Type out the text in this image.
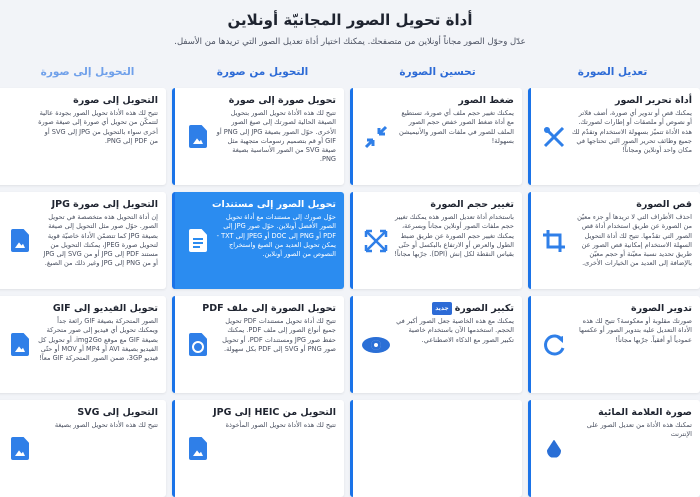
أداة تحويل الصور المجانيّة أونلاين
عدّل وحوّل الصور مجاناً أونلاين من متصفحك. يمكنك اختيار أداة تعديل الصور التي تريدها من الأسفل.
تعديل الصورة
تحسين الصورة
التحويل من صورة
التحويل إلى صورة
أداة تحرير الصور
يمكنك قص أو تدوير أي صورة، أضف فلاتر أو نصوص أو ملصقات أو إطارات لصورتك. هذه الأداة تتميّز بسهولة الاستخدام وتقدّم لك جميع وظائف تحرير الصور التي تحتاجها في مكان واحد أونلاين ومجاناً!
قص الصورة
احذف الأطراف التي لا تريدها أو جزء معيّن من الصورة عن طريق استخدام أداة قص الصور التي تقدّمها. تتيح لك أداة التحويل السهلة الاستخدام إمكانية قص الصور عن طريق تحديد نسبة معيّنة أو حجم معيّن بالإضافة إلى العديد من الخيارات الأخرى.
تدوير الصورة
صورتك مقلوبة أو معكوسة؟ تتيح لك هذه الأداة التعديل عليه بتدوير الصور أو عكسها عمودياً أو أفقياً. جرّبها مجاناً!
صورة العلامة المائية
تمكنك هذه الأداة من تعديل الصور على الإنترنت
ضغط الصور
يمكنك تغيير حجم ملف أي صورة، تستطيع مع أداة ضغط الصور خفض حجم الصور الملف للصور في ملفات الصور والأنيميشن بسهولة!
تغيير حجم الصورة
باستخدام أداة تعديل الصور هذه يمكنك تغيير حجم ملفات الصور أونلاين مجاناً وبسرعة، يمكنك تغيير حجم الصورة عن طريق ضبط الطول والعرض أو الارتفاع بالبكسل أو حتّى بقياس النقطة لكل إنش (DPI). جرّبها مجاناً!
تكبير الصورةجديد
يمكنك مع هذه الخاصية جعل الصور أكبر في الحجم. استخدمها الآن باستخدام خاصية تكبير الصور مع الذكاء الاصطناعي.
تحويل صورة إلى صورة
تتيح لك هذه الأداة تحويل الصور بتحويل الصيغة الحالية لصورتك إلى صيغ الصور الأخرى. حوّل الصور بصيغة JPG إلى PNG أو GIF أو قم بتصميم رسومات متجهية مثل صيغة SVG من الصور الأساسية بصيغة PNG.
تحويل الصور إلى مستندات
حوّل صورك إلى مستندات مع أداة تحويل الصور الأفضل أونلاين. حوّل صور JPG إلى PDF أو PNG إلى DOC أو JPEG إلى TXT - يمكن تحويل العديد من الصيغ واستخراج النصوص من الصور أونلاين.
تحويل الصورة إلى ملف PDF
تتيح لك أداة تحويل مستندات PDF تحويل جميع أنواع الصور إلى ملف PDF. يمكنك حفظ صور JPG ومستندات PDF، أو تحويل صور PNG أو SVG إلى PDF بكل سهولة.
التحويل من HEIC إلى JPG
تتيح لك هذه الأداة تحويل الصور المأخوذة
التحويل إلى صورة
تتيح لك هذه الأداة تحويل الصور بجودة عالية لتتمكّن من تحويل أي صورة إلى صيغة صورة أخرى سواء بالتحويل من JPG إلى SVG أو من PDF إلى PNG.
التحويل إلى صورة JPG
إن أداة التحويل هذه متخصصة في تحويل الصور. حوّل صور مثل التحويل إلى صيغة بصيغة JPG كما تتضمّن الأداة خاصيّة قوية لتحويل صورة JPEG، يمكنك التحويل من مستند PDF إلى JPG أو من SVG إلى JPG أو من PNG إلى JPG وغير ذلك من الصيغ.
تحويل الفيديو إلى GIF
الصور المتحركة بصيغة GIF رائعة جداً ويمكنك تحويل أي فيديو إلى صور متحركة بصيغة GIF مع موقع img2Go، أو تحويل كل الفيديو بصيغة AVI أو MP4 أو MOV أو حتّى فيديو 3GP، ضمن الصور المتحركة GIF معاً!
التحويل إلى SVG
تتيح لك هذه الأداة تحويل الصور بصيغة
